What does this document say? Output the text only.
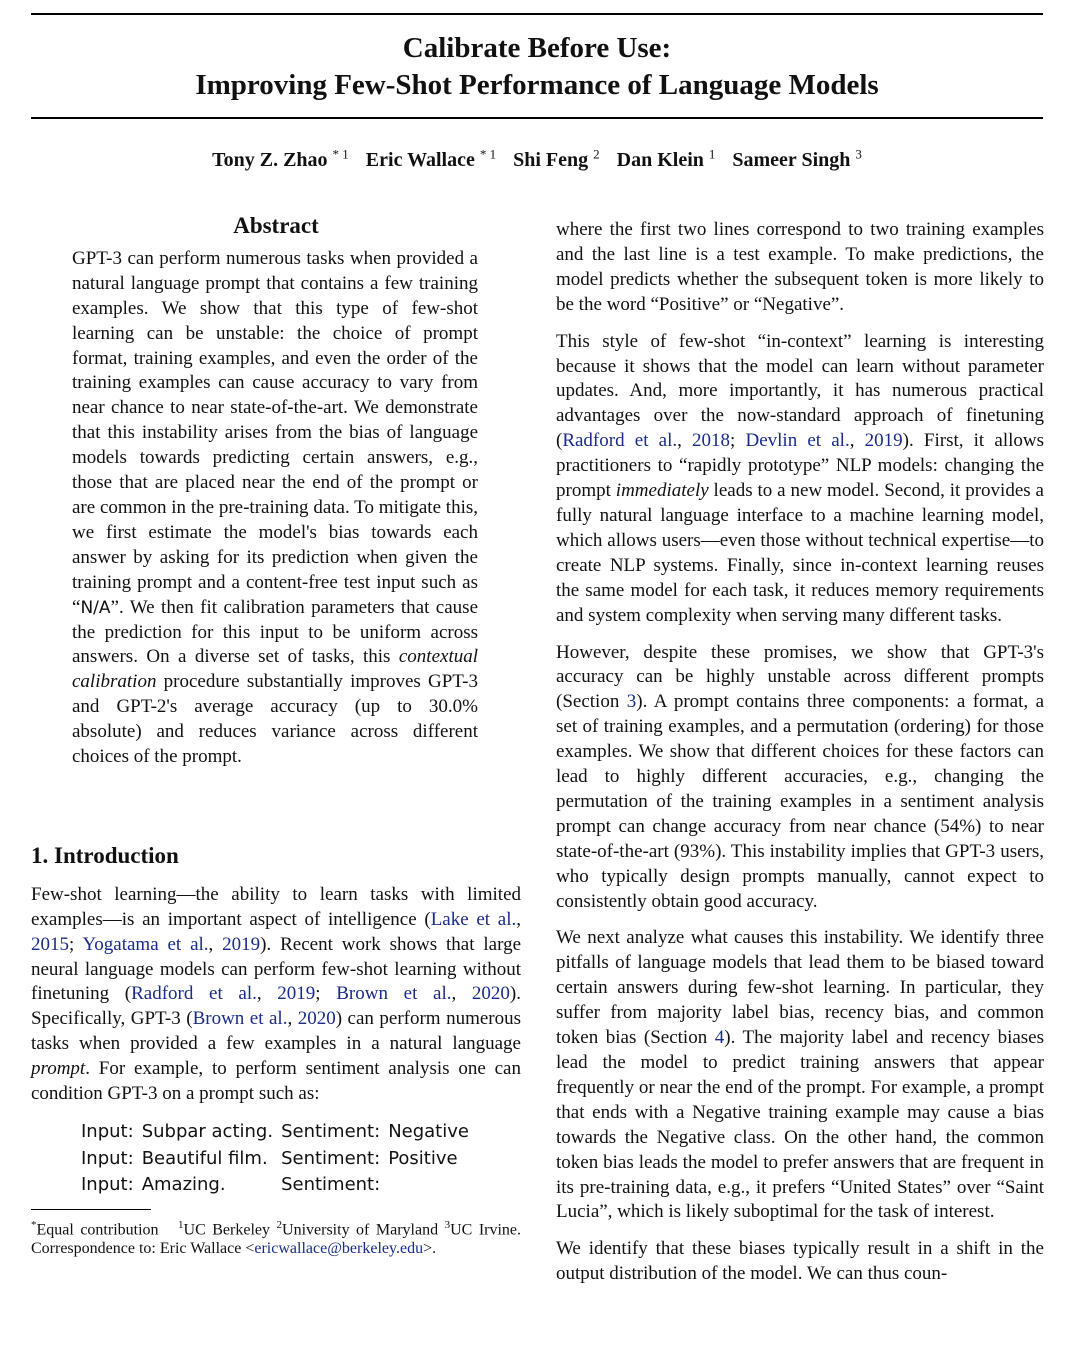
Calibrate Before Use:
Improving Few-Shot Performance of Language Models
Tony Z. Zhao $^{* 1}$ Eric Wallace $^{* 1}$ Shi Feng $^2$ Dan Klein $^1$ Sameer Singh $^3$
Abstract

GPT-3 can perform numerous tasks when provided a natural language prompt that contains a few training examples. We show that this type of few-shot learning can be unstable: the choice of prompt format, training examples, and even the order of the training examples can cause accuracy to vary from near chance to near state-of-the-art. We demonstrate that this instability arises from the bias of language models towards predicting certain answers, e.g., those that are placed near the end of the prompt or are common in the pre-training data. To mitigate this, we first estimate the model's bias towards each answer by asking for its prediction when given the training prompt and a content-free test input such as “N/A”. We then fit calibration parameters that cause the prediction for this input to be uniform across answers. On a diverse set of tasks, this contextual calibration procedure substantially improves GPT-3 and GPT-2's average accuracy (up to 30.0% absolute) and reduces variance across different choices of the prompt.

1. Introduction

Few-shot learning—the ability to learn tasks with limited examples—is an important aspect of intelligence (Lake et al., 2015; Yogatama et al., 2019). Recent work shows that large neural language models can perform few-shot learning without finetuning (Radford et al., 2019; Brown et al., 2020). Specifically, GPT-3 (Brown et al., 2020) can perform numerous tasks when provided a few examples in a natural language prompt. For example, to perform sentiment analysis one can condition GPT-3 on a prompt such as:

Input:	Subpar acting.	Sentiment:	Negative
Input:	Beautiful film.	Sentiment:	Positive
Input:	Amazing.	Sentiment:	
*Equal contribution $^1$UC Berkeley $^2$University of Maryland $^3$UC Irvine. Correspondence to: Eric Wallace <ericwallace@berkeley.edu>.

where the first two lines correspond to two training examples and the last line is a test example. To make predictions, the model predicts whether the subsequent token is more likely to be the word “Positive” or “Negative”.

This style of few-shot “in-context” learning is interesting because it shows that the model can learn without parameter updates. And, more importantly, it has numerous practical advantages over the now-standard approach of finetuning (Radford et al., 2018; Devlin et al., 2019). First, it allows practitioners to “rapidly prototype” NLP models: changing the prompt immediately leads to a new model. Second, it provides a fully natural language interface to a machine learning model, which allows users—even those without technical expertise—to create NLP systems. Finally, since in-context learning reuses the same model for each task, it reduces memory requirements and system complexity when serving many different tasks.

However, despite these promises, we show that GPT-3's accuracy can be highly unstable across different prompts (Section 3). A prompt contains three components: a format, a set of training examples, and a permutation (ordering) for those examples. We show that different choices for these factors can lead to highly different accuracies, e.g., changing the permutation of the training examples in a sentiment analysis prompt can change accuracy from near chance (54%) to near state-of-the-art (93%). This instability implies that GPT-3 users, who typically design prompts manually, cannot expect to consistently obtain good accuracy.

We next analyze what causes this instability. We identify three pitfalls of language models that lead them to be biased toward certain answers during few-shot learning. In particular, they suffer from majority label bias, recency bias, and common token bias (Section 4). The majority label and recency biases lead the model to predict training answers that appear frequently or near the end of the prompt. For example, a prompt that ends with a Negative training example may cause a bias towards the Negative class. On the other hand, the common token bias leads the model to prefer answers that are frequent in its pre-training data, e.g., it prefers “United States” over “Saint Lucia”, which is likely suboptimal for the task of interest.

We identify that these biases typically result in a shift in the output distribution of the model. We can thus coun-
